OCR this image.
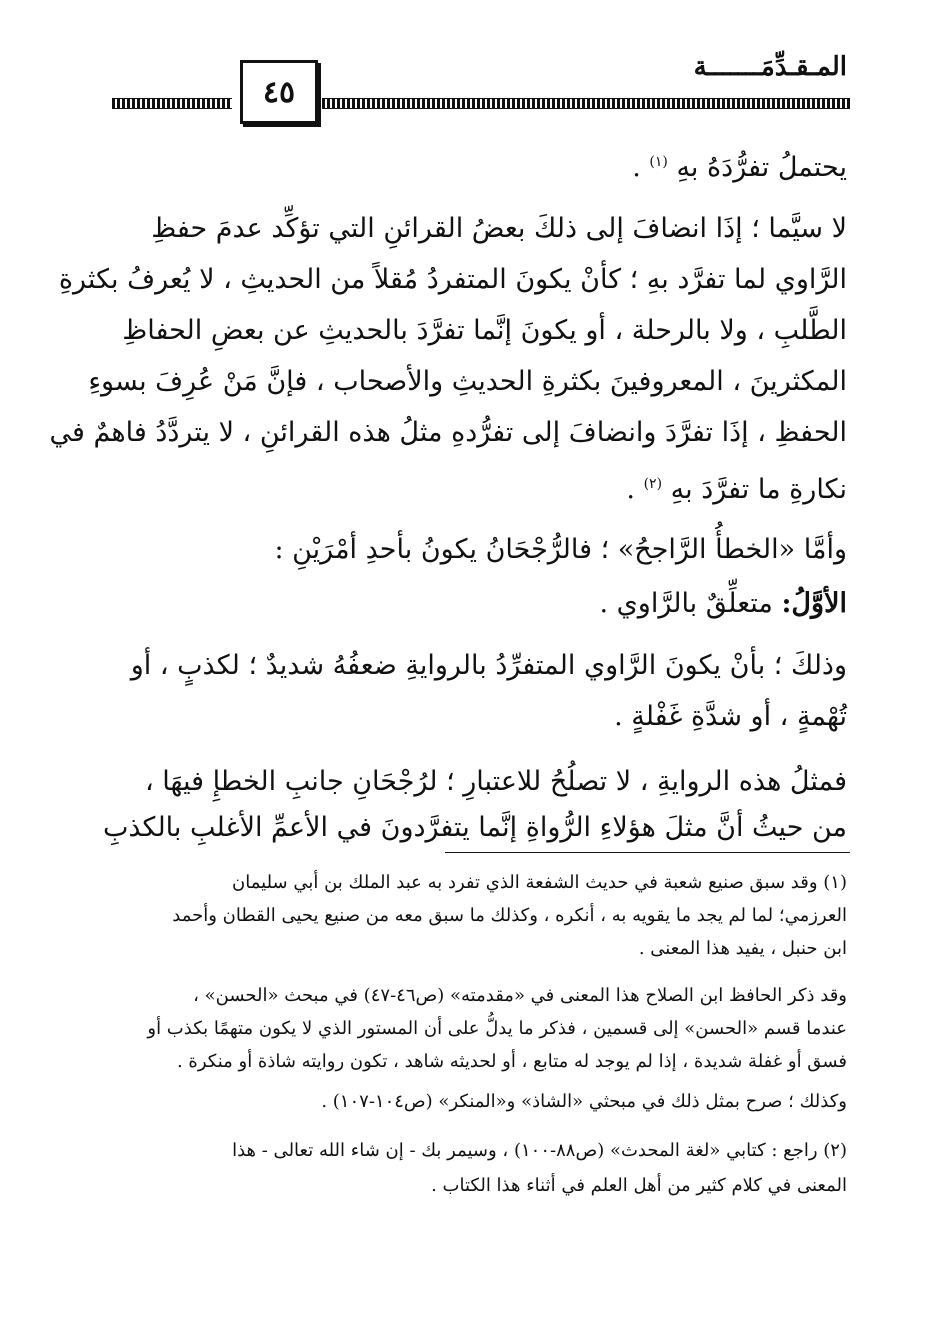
المـقـدِّمَـــــــة
٤٥
يحتملُ تفرُّدَهُ بهِ $^{(١)}$ .
لا سيَّما ؛ إذَا انضافَ إلى ذلكَ بعضُ القرائنِ التي تؤكِّد عدمَ حفظِ
الرَّاوي لما تفرَّد بهِ ؛ كأنْ يكونَ المتفردُ مُقلاً من الحديثِ ، لا يُعرفُ بكثرةِ
الطَّلبِ ، ولا بالرحلة ، أو يكونَ إنَّما تفرَّدَ بالحديثِ عن بعضِ الحفاظِ
المكثرينَ ، المعروفينَ بكثرةِ الحديثِ والأصحاب ، فإنَّ مَنْ عُرِفَ بسوءِ
الحفظِ ، إذَا تفرَّدَ وانضافَ إلى تفرُّدهِ مثلُ هذه القرائنِ ، لا يتردَّدُ فاهمٌ في
نكارةِ ما تفرَّدَ بهِ $^{(٢)}$ .
وأمَّا «الخطأُ الرَّاجحُ» ؛ فالرُّجْحَانُ يكونُ بأحدِ أمْرَيْنِ :
الأوَّلُ: متعلِّقٌ بالرَّاوي .
وذلكَ ؛ بأنْ يكونَ الرَّاوي المتفرِّدُ بالروايةِ ضعفُهُ شديدٌ ؛ لكذبٍ ، أو
تُهْمةٍ ، أو شدَّةِ غَفْلةٍ .
فمثلُ هذه الروايةِ ، لا تصلُحُ للاعتبارِ ؛ لرُجْحَانِ جانبِ الخطإِ فيهَا ،
من حيثُ أنَّ مثلَ هؤلاءِ الرُّواةِ إنَّما يتفرَّدونَ في الأعمِّ الأغلبِ بالكذبِ
(١) وقد سبق صنيع شعبة في حديث الشفعة الذي تفرد به عبد الملك بن أبي سليمان
العرزمي؛ لما لم يجد ما يقويه به ، أنكره ، وكذلك ما سبق معه من صنيع يحيى القطان وأحمد
ابن حنبل ، يفيد هذا المعنى .
وقد ذكر الحافظ ابن الصلاح هذا المعنى في «مقدمته» (ص٤٦-٤٧) في مبحث «الحسن» ،
عندما قسم «الحسن» إلى قسمين ، فذكر ما يدلُّ على أن المستور الذي لا يكون متهمًا بكذب أو
فسق أو غفلة شديدة ، إذا لم يوجد له متابع ، أو لحديثه شاهد ، تكون روايته شاذة أو منكرة .
وكذلك ؛ صرح بمثل ذلك في مبحثي «الشاذ» و«المنكر» (ص١٠٤-١٠٧) .
(٢) راجع : كتابي «لغة المحدث» (ص٨٨-١٠٠) ، وسيمر بك - إن شاء الله تعالى - هذا
المعنى في كلام كثير من أهل العلم في أثناء هذا الكتاب .
